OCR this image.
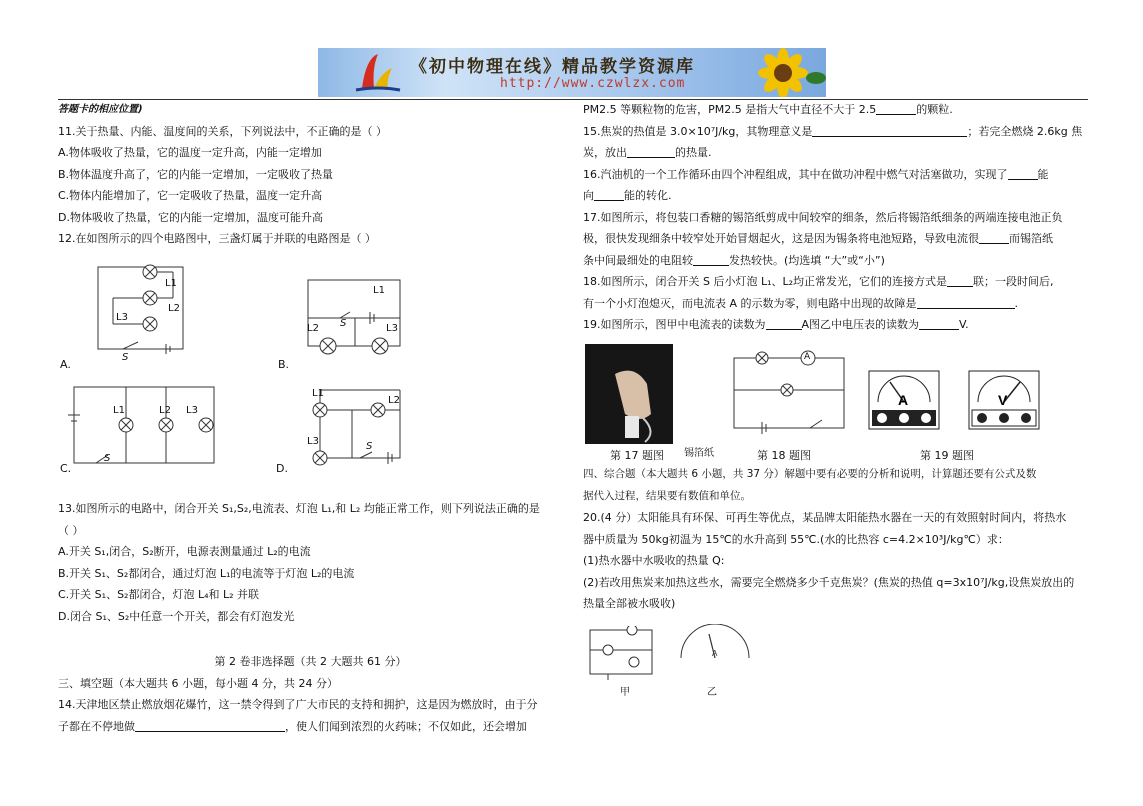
《初中物理在线》精品教学资源库
http://www.czwlzx.com

答题卡的相应位置)

11.关于热量、内能、温度间的关系，下列说法中，不正确的是（ ）

A.物体吸收了热量，它的温度一定升高，内能一定增加

B.物体温度升高了，它的内能一定增加，一定吸收了热量

C.物体内能增加了，它一定吸收了热量，温度一定升高

D.物体吸收了热量，它的内能一定增加，温度可能升高

12.在如图所示的四个电路图中，三盏灯属于并联的电路图是（ ）

L1
L2
L3
S
L1
L2	L3
S
L1	L2 L3
S
L1
L2
L3	S
A.	B.
C.	D.

13.如图所示的电路中，闭合开关 S₁,S₂,电流表、灯泡 L₁,和 L₂ 均能正常工作，则下列说法正确的是

（ ）

A.开关 S₁,闭合，S₂断开，电源表测量通过 L₂的电流

B.开关 S₁、S₂都闭合，通过灯泡 L₁的电流等于灯泡 L₂的电流

C.开关 S₁、S₂都闭合，灯泡 L₄和 L₂ 并联

D.闭合 S₁、S₂中任意一个开关，都会有灯泡发光

第 2 卷非选择题（共 2 大题共 61 分）

三、填空题（本大题共 6 小题，每小题 4 分，共 24 分）

14.天津地区禁止燃放烟花爆竹，这一禁令得到了广大市民的支持和拥护，这是因为燃放时，由于分

子都在不停地做	，使人们闻到浓烈的火药味；不仅如此，还会增加

PM2.5 等颗粒物的危害，PM2.5 是指大气中直径不大于 2.5	的颗粒.

15.焦炭的热值是 3.0×10⁷J/kg，其物理意义是	；若完全燃烧 2.6kg 焦

炭，放出	的热量.

16.汽油机的一个工作循环由四个冲程组成，其中在做功冲程中燃气对活塞做功，实现了	能

向	能的转化.

17.如图所示，将包装口香糖的锡箔纸剪成中间较窄的细条，然后将锡箔纸细条的两端连接电池正负

极，很快发现细条中较窄处开始冒烟起火，这是因为锡条将电池短路，导致电流很	而锡箔纸

条中间最细处的电阻较	发热较快。(均选填 “大”或“小”)

18.如图所示，闭合开关 S 后小灯泡 L₁、L₂均正常发光，它们的连接方式是 联；一段时间后,

有一个小灯泡熄灭，而电流表 A 的示数为零，则电路中出现的故障是	.

19.如图所示，图甲中电流表的读数为	A图乙中电压表的读数为	V.

锡箔纸
A
A	V
第 17 题图	第 18 题图	第 19 题图

四、综合题（本大题共 6 小题，共 37 分）解题中要有必要的分析和说明，计算题还要有公式及数

据代入过程，结果要有数值和单位。

20.(4 分）太阳能具有环保、可再生等优点，某品牌太阳能热水器在一天的有效照射时间内，将热水

器中质量为 50kg初温为 15℃的水升高到 55℃.(水的比热容 c=4.2×10³J/kg℃）求：

(1)热水器中水吸收的热量 Q:

(2)若改用焦炭来加热这些水，需要完全燃烧多少千克焦炭？(焦炭的热值 q=3x10⁷J/kg,设焦炭放出的

热量全部被水吸收)

A
甲	乙
